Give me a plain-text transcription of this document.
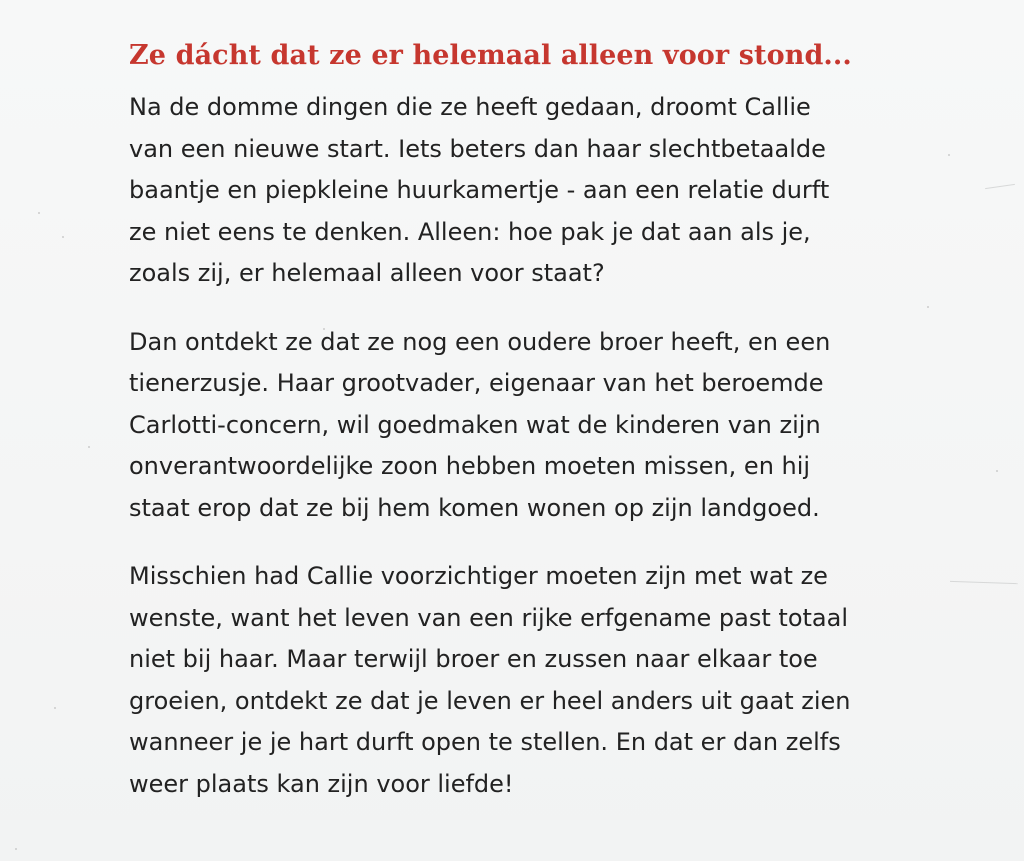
Ze dácht dat ze er helemaal alleen voor stond...

Na de domme dingen die ze heeft gedaan, droomt Callie
van een nieuwe start. Iets beters dan haar slechtbetaalde
baantje en piepkleine huurkamertje - aan een relatie durft
ze niet eens te denken. Alleen: hoe pak je dat aan als je,
zoals zij, er helemaal alleen voor staat?

Dan ontdekt ze dat ze nog een oudere broer heeft, en een
tienerzusje. Haar grootvader, eigenaar van het beroemde
Carlotti-concern, wil goedmaken wat de kinderen van zijn
onverantwoordelijke zoon hebben moeten missen, en hij
staat erop dat ze bij hem komen wonen op zijn landgoed.

Misschien had Callie voorzichtiger moeten zijn met wat ze
wenste, want het leven van een rijke erfgename past totaal
niet bij haar. Maar terwijl broer en zussen naar elkaar toe
groeien, ontdekt ze dat je leven er heel anders uit gaat zien
wanneer je je hart durft open te stellen. En dat er dan zelfs
weer plaats kan zijn voor liefde!
